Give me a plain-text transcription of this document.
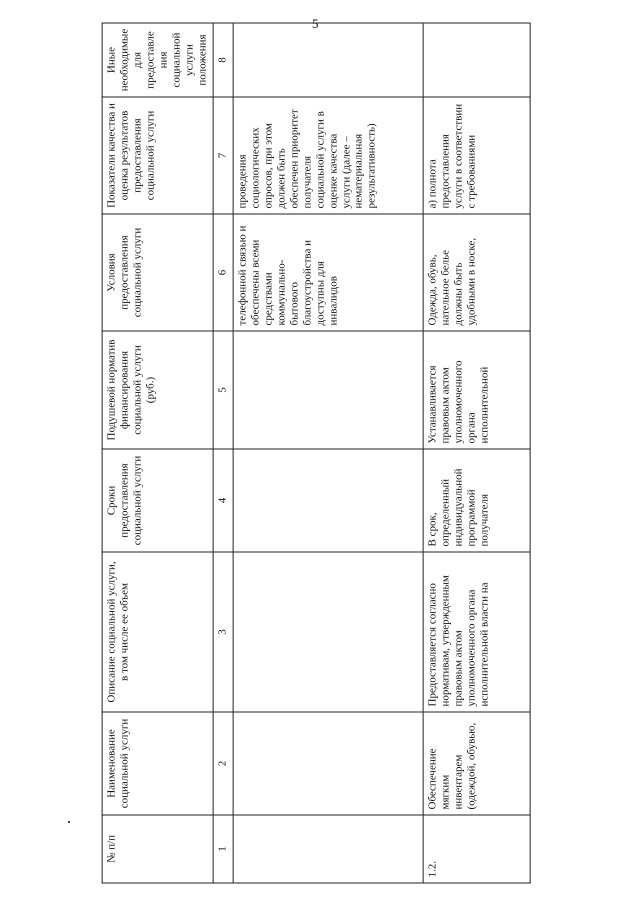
5
№ п/п	Наименование социальной услуги	Описание социальной услуги, в том числе ее объем	Сроки предоставления социальной услуги	Подушевой норматив финансирования социальной услуги (руб.)	Условия предоставления социальной услуги	Показатели качества и оценка результатов предоставления социальной услуги	Иные необходимые для предоставления социальной услуги положения
1	2	3	4	5	6	7	8
					телефонной связью и обеспечены всеми средствами коммунально-бытового благоустройства и доступны для инвалидов	проведения социологических опросов, при этом должен быть обеспечен приоритет получателя социальной услуги в оценке качества услуги (далее – нематериальная результативность)	
1.2.	Обеспечение мягким инвентарем (одеждой, обувью,	Предоставляется согласно нормативам, утвержденным правовым актом уполномоченного органа исполнительной власти на	В срок, определенный индивидуальной программой получателя	Устанавливается правовым актом уполномоченного органа исполнительной	Одежда, обувь, нательное белье должны быть удобными в носке,	а) полнота предоставления услуги в соответствии с требованиями	
